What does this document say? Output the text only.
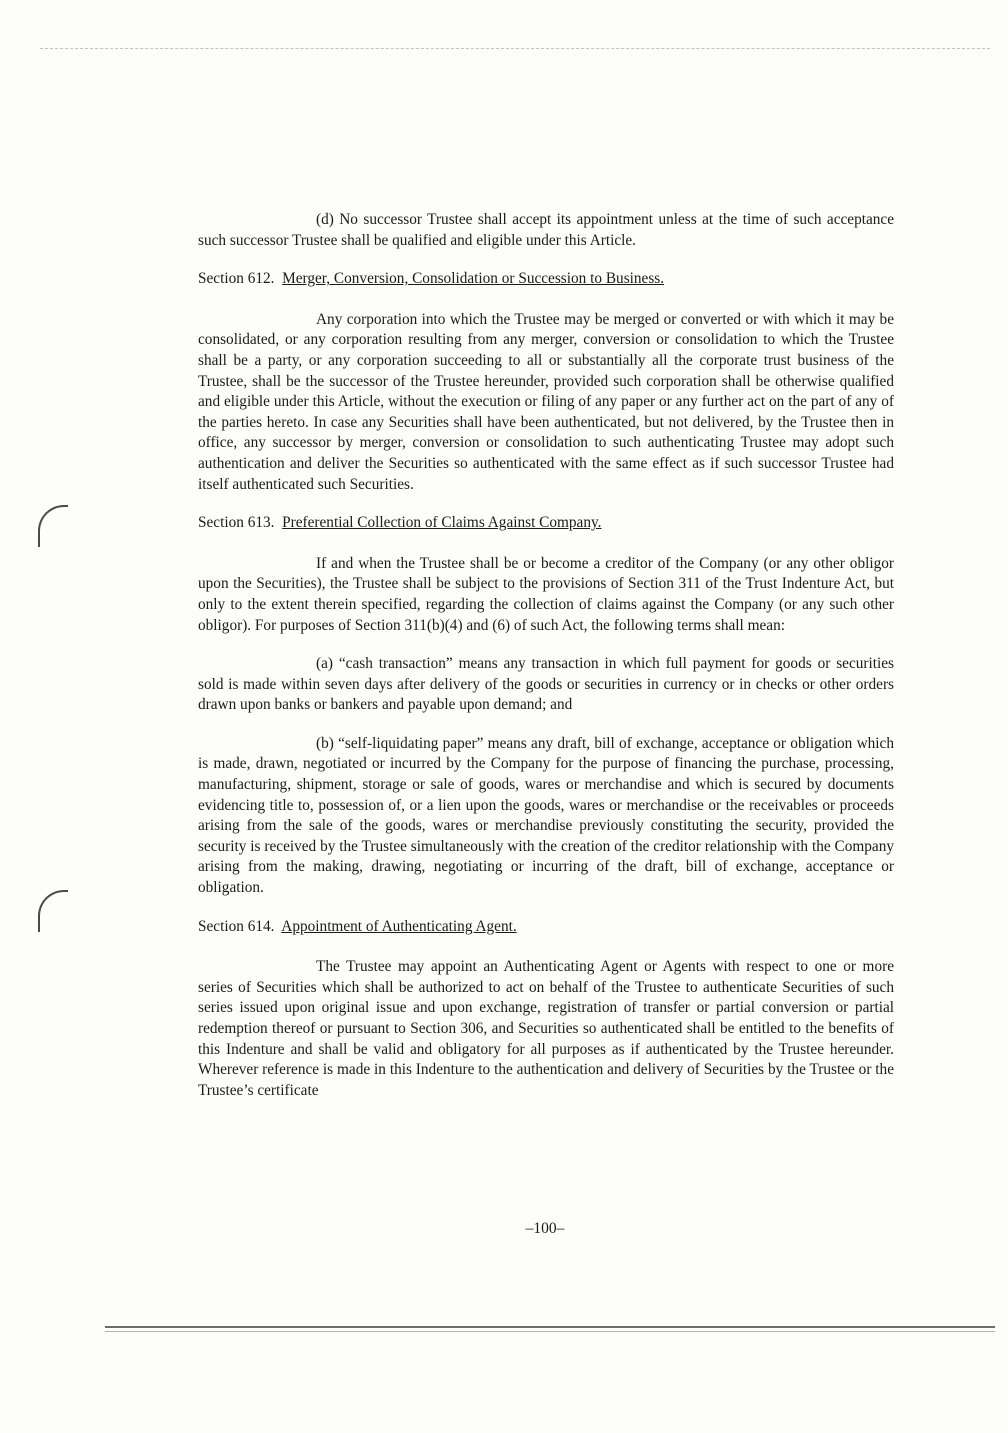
(d) No successor Trustee shall accept its appointment unless at the time of such acceptance such successor Trustee shall be qualified and eligible under this Article.

Section 612. Merger, Conversion, Consolidation or Succession to Business.

Any corporation into which the Trustee may be merged or converted or with which it may be consolidated, or any corporation resulting from any merger, conversion or consolidation to which the Trustee shall be a party, or any corporation succeeding to all or substantially all the corporate trust business of the Trustee, shall be the successor of the Trustee hereunder, provided such corporation shall be otherwise qualified and eligible under this Article, without the execution or filing of any paper or any further act on the part of any of the parties hereto. In case any Securities shall have been authenticated, but not delivered, by the Trustee then in office, any successor by merger, conversion or consolidation to such authenticating Trustee may adopt such authentication and deliver the Securities so authenticated with the same effect as if such successor Trustee had itself authenticated such Securities.

Section 613. Preferential Collection of Claims Against Company.

If and when the Trustee shall be or become a creditor of the Company (or any other obligor upon the Securities), the Trustee shall be subject to the provisions of Section 311 of the Trust Indenture Act, but only to the extent therein specified, regarding the collection of claims against the Company (or any such other obligor). For purposes of Section 311(b)(4) and (6) of such Act, the following terms shall mean:

(a) “cash transaction” means any transaction in which full payment for goods or securities sold is made within seven days after delivery of the goods or securities in currency or in checks or other orders drawn upon banks or bankers and payable upon demand; and

(b) “self-liquidating paper” means any draft, bill of exchange, acceptance or obligation which is made, drawn, negotiated or incurred by the Company for the purpose of financing the purchase, processing, manufacturing, shipment, storage or sale of goods, wares or merchandise and which is secured by documents evidencing title to, possession of, or a lien upon the goods, wares or merchandise or the receivables or proceeds arising from the sale of the goods, wares or merchandise previously constituting the security, provided the security is received by the Trustee simultaneously with the creation of the creditor relationship with the Company arising from the making, drawing, negotiating or incurring of the draft, bill of exchange, acceptance or obligation.

Section 614. Appointment of Authenticating Agent.

The Trustee may appoint an Authenticating Agent or Agents with respect to one or more series of Securities which shall be authorized to act on behalf of the Trustee to authenticate Securities of such series issued upon original issue and upon exchange, registration of transfer or partial conversion or partial redemption thereof or pursuant to Section 306, and Securities so authenticated shall be entitled to the benefits of this Indenture and shall be valid and obligatory for all purposes as if authenticated by the Trustee hereunder. Wherever reference is made in this Indenture to the authentication and delivery of Securities by the Trustee or the Trustee’s certificate

–100–
